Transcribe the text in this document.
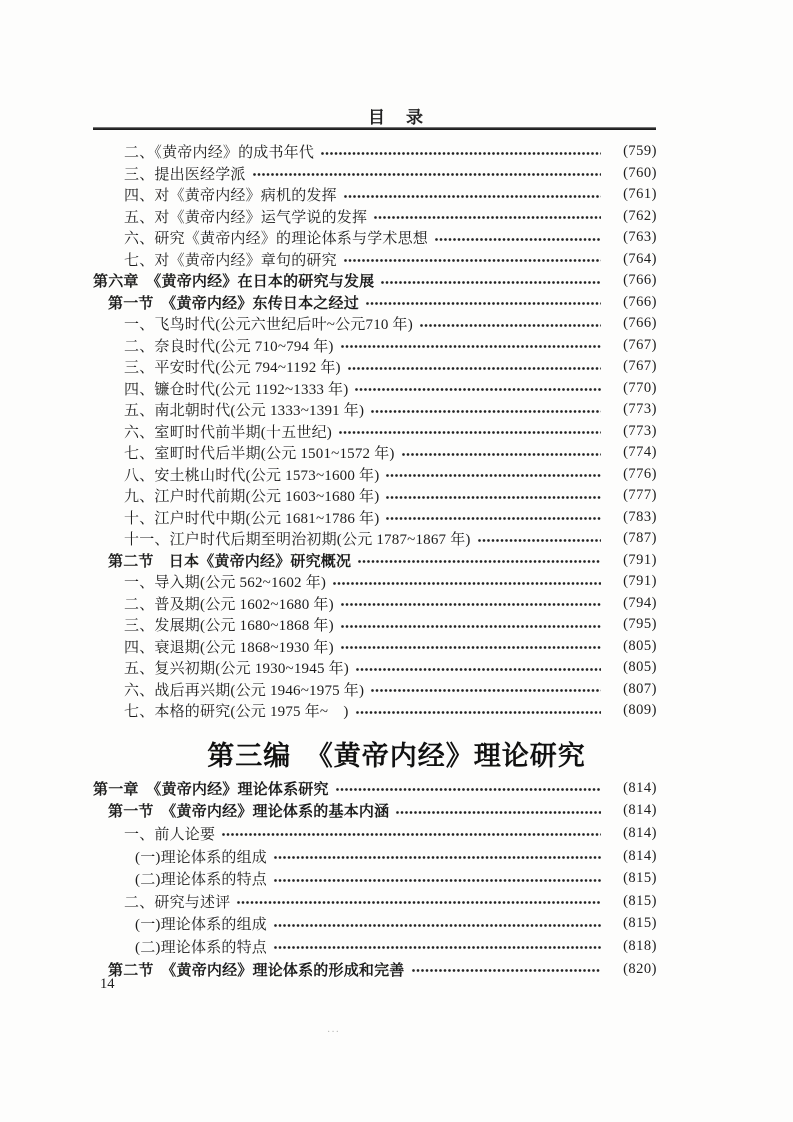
目　录
二、《黄帝内经》的成书年代	(759)
三、提出医经学派	(760)
四、对《黄帝内经》病机的发挥	(761)
五、对《黄帝内经》运气学说的发挥	(762)
六、研究《黄帝内经》的理论体系与学术思想	(763)
七、对《黄帝内经》章句的研究	(764)
第六章　《黄帝内经》在日本的研究与发展	(766)
第一节　《黄帝内经》东传日本之经过	(766)
一、飞鸟时代(公元六世纪后叶~公元710 年)	(766)
二、奈良时代(公元 710~794 年)	(767)
三、平安时代(公元 794~1192 年)	(767)
四、镰仓时代(公元 1192~1333 年)	(770)
五、南北朝时代(公元 1333~1391 年)	(773)
六、室町时代前半期(十五世纪)	(773)
七、室町时代后半期(公元 1501~1572 年)	(774)
八、安土桃山时代(公元 1573~1600 年)	(776)
九、江户时代前期(公元 1603~1680 年)	(777)
十、江户时代中期(公元 1681~1786 年)	(783)
十一、江户时代后期至明治初期(公元 1787~1867 年)	(787)
第二节　日本《黄帝内经》研究概况	(791)
一、导入期(公元 562~1602 年)	(791)
二、普及期(公元 1602~1680 年)	(794)
三、发展期(公元 1680~1868 年)	(795)
四、衰退期(公元 1868~1930 年)	(805)
五、复兴初期(公元 1930~1945 年)	(805)
六、战后再兴期(公元 1946~1975 年)	(807)
七、本格的研究(公元 1975 年~　)	(809)
第三编　《黄帝内经》理论研究
第一章　《黄帝内经》理论体系研究	(814)
第一节　《黄帝内经》理论体系的基本内涵	(814)
一、前人论要	(814)
(一)理论体系的组成	(814)
(二)理论体系的特点	(815)
二、研究与述评	(815)
(一)理论体系的组成	(815)
(二)理论体系的特点	(818)
第二节　《黄帝内经》理论体系的形成和完善	(820)
14
···
